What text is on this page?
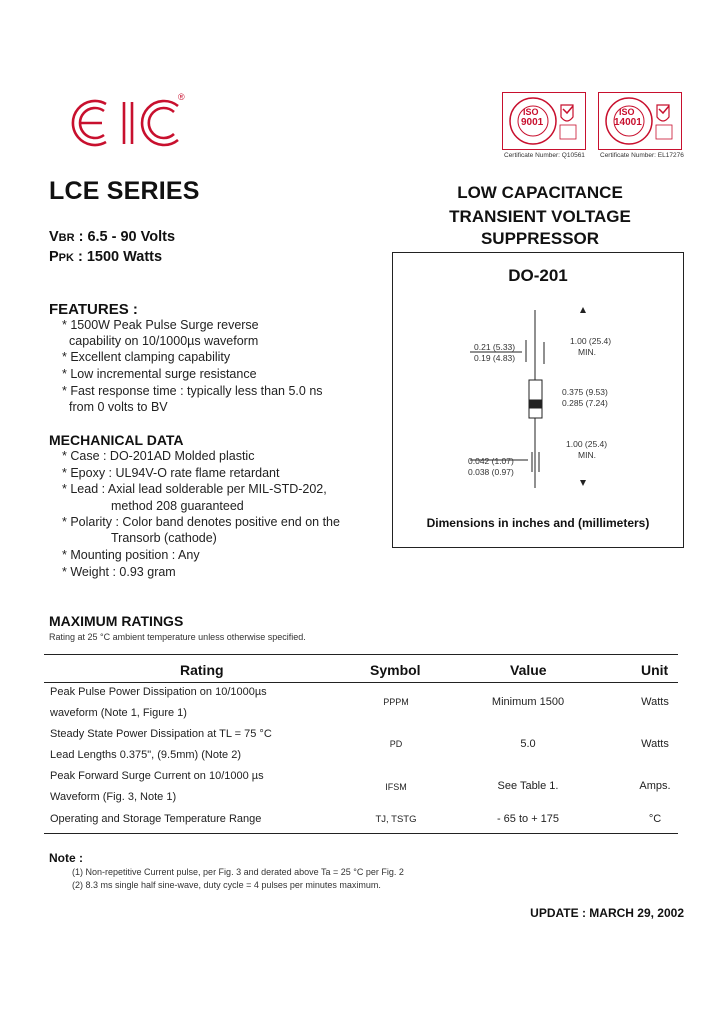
®
ISO
9001
Certificate Number: Q10561
ISO
14001
Certificate Number: EL17276
LCE SERIES
VBR : 6.5 - 90 Volts
PPK : 1500 Watts
LOW CAPACITANCE
TRANSIENT VOLTAGE
SUPPRESSOR
DO-201
1.00 (25.4)
MIN.
0.21 (5.33)
0.19 (4.83)
0.375 (9.53)
0.285 (7.24)
1.00 (25.4)
MIN.
0.042 (1.07)
0.038 (0.97)
Dimensions in inches and (millimeters)
FEATURES :
* 1500W Peak Pulse Surge reverse
capability on 10/1000µs waveform
* Excellent clamping capability
* Low incremental surge resistance
* Fast response time : typically less than 5.0 ns
from 0 volts to BV
MECHANICAL DATA
* Case : DO-201AD Molded plastic
* Epoxy : UL94V-O rate flame retardant
* Lead : Axial lead solderable per MIL-STD-202,
method 208 guaranteed
* Polarity : Color band denotes positive end on the
Transorb (cathode)
* Mounting position : Any
* Weight : 0.93 gram
MAXIMUM RATINGS
Rating at 25 °C ambient temperature unless otherwise specified.
Rating	Symbol	Value	Unit
Peak Pulse Power Dissipation on 10/1000µs
waveform (Note 1, Figure 1)
PPPM	Minimum 1500	Watts
Steady State Power Dissipation at TL = 75 °C
Lead Lengths 0.375", (9.5mm) (Note 2)
PD	5.0	Watts
Peak Forward Surge Current on 10/1000 µs
Waveform (Fig. 3, Note 1)
IFSM	See Table 1.	Amps.
Operating and Storage Temperature Range	TJ, TSTG	- 65 to + 175	°C
Note :
(1) Non-repetitive Current pulse, per Fig. 3 and derated above Ta = 25 °C per Fig. 2
(2) 8.3 ms single half sine-wave, duty cycle = 4 pulses per minutes maximum.
UPDATE : MARCH 29, 2002
